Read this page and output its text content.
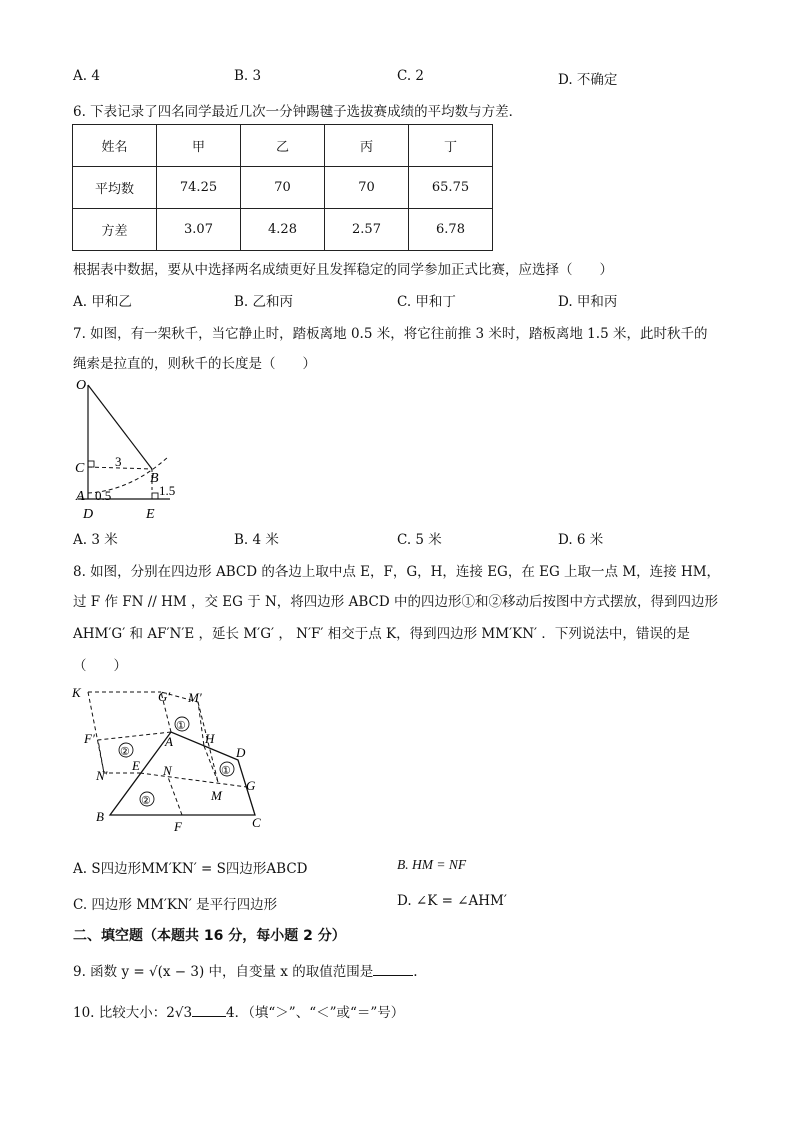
A. 4	B. 3	C. 2	D. 不确定
6. 下表记录了四名同学最近几次一分钟踢毽子选拔赛成绩的平均数与方差．
姓名	甲	乙	丙	丁
平均数	74.25	70	70	65.75
方差	3.07	4.28	2.57	6.78
根据表中数据，要从中选择两名成绩更好且发挥稳定的同学参加正式比赛，应选择（　　）
A. 甲和乙	B. 乙和丙	C. 甲和丁	D. 甲和丙
7. 如图，有一架秋千，当它静止时，踏板离地 0.5 米，将它往前推 3 米时，踏板离地 1.5 米，此时秋千的
绳索是拉直的，则秋千的长度是（　　）
O
C 3
B
A 0.5	1.5
D	E
A. 3 米	B. 4 米	C. 5 米	D. 6 米
8. 如图，分别在四边形 ABCD 的各边上取中点 E，F，G，H，连接 EG，在 EG 上取一点 M，连接 HM，
过 F 作 FN // HM ，交 EG 于 N，将四边形 ABCD 中的四边形①和②移动后按图中方式摆放，得到四边形
AHM′G′ 和 AF′N′E ，延长 M′G′ ， N′F′ 相交于点 K，得到四边形 MM′KN′ ．下列说法中，错误的是
（　　）
K	G′ M′
①
F′
②
A H
D
N′
E N	①
G
②	M
B
F	C
A. S四边形MM′KN′ = S四边形ABCD	B. HM = NF
C. 四边形 MM′KN′ 是平行四边形	D. ∠K = ∠AHM′
二、填空题（本题共 16 分，每小题 2 分）
9. 函数 y = √(x − 3) 中，自变量 x 的取值范围是	.
10. 比较大小：2√3	4．（填“＞”、“＜”或“＝”号）
